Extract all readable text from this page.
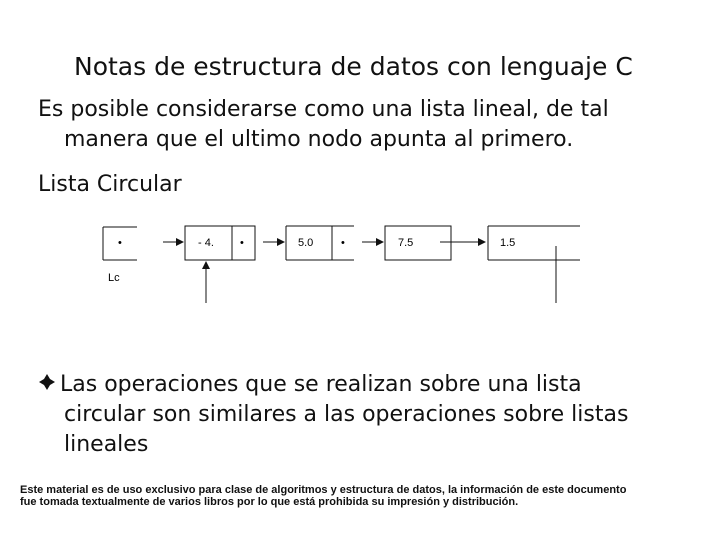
Notas de estructura de datos con lenguaje C
Es posible considerarse como una lista lineal, de tal
manera que el ultimo nodo apunta al primero.
Lista Circular
•
Lc
- 4. •	5.0	•	7.5	1.5
Las operaciones que se realizan sobre una lista
circular son similares a las operaciones sobre listas
lineales
Este material es de uso exclusivo para clase de algoritmos y estructura de datos, la información de este documento
fue tomada textualmente de varios libros por lo que está prohibida su impresión y distribución.
